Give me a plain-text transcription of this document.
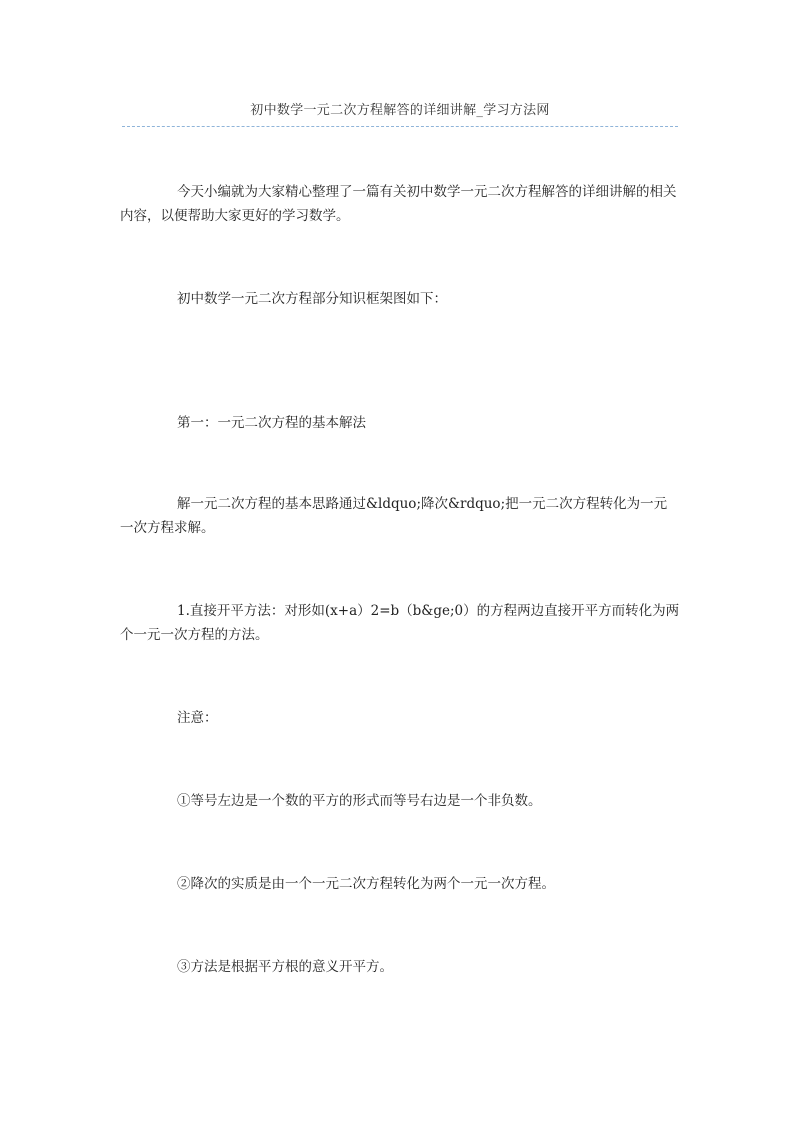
初中数学一元二次方程解答的详细讲解_学习方法网

今天小编就为大家精心整理了一篇有关初中数学一元二次方程解答的详细讲解的相关内容，以便帮助大家更好的学习数学。

初中数学一元二次方程部分知识框架图如下：

第一：一元二次方程的基本解法

解一元二次方程的基本思路通过&ldquo;降次&rdquo;把一元二次方程转化为一元一次方程求解。

1.直接开平方法：对形如(x+a）2=b（b&ge;0）的方程两边直接开平方而转化为两个一元一次方程的方法。

注意：

①等号左边是一个数的平方的形式而等号右边是一个非负数。

②降次的实质是由一个一元二次方程转化为两个一元一次方程。

③方法是根据平方根的意义开平方。
